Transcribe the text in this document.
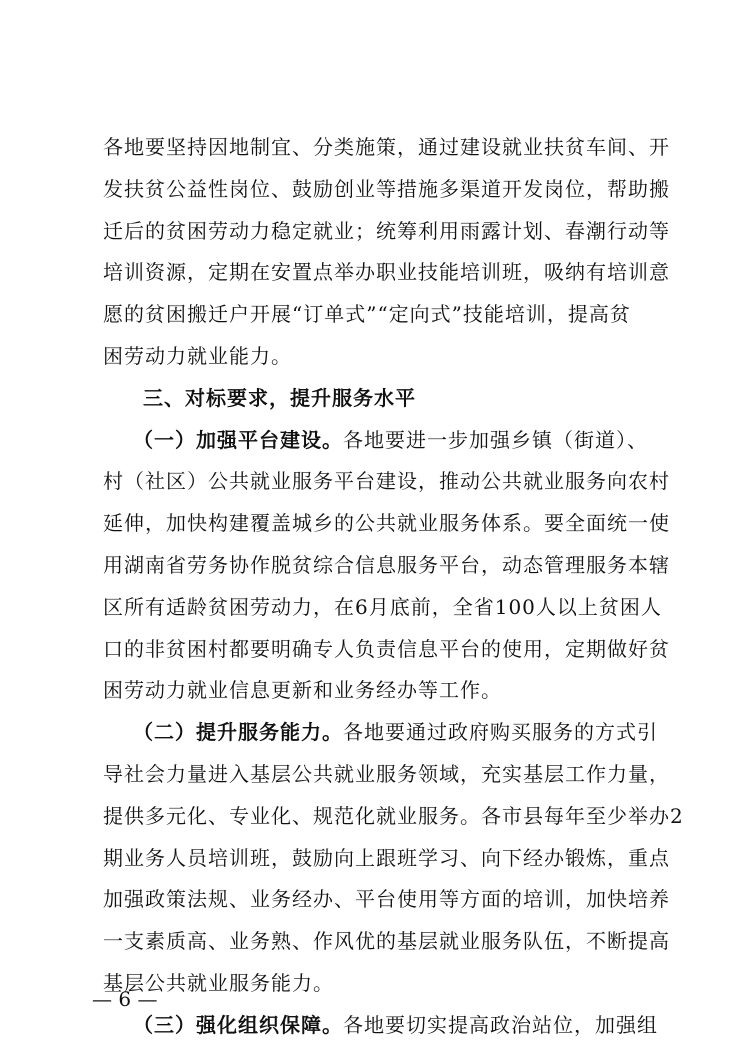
各地要坚持因地制宜、分类施策，通过建设就业扶贫车间、开
发扶贫公益性岗位、鼓励创业等措施多渠道开发岗位，帮助搬
迁后的贫困劳动力稳定就业；统筹利用雨露计划、春潮行动等
培训资源，定期在安置点举办职业技能培训班，吸纳有培训意
愿的贫困搬迁户开展“订单式”“定向式”技能培训，提高贫
困劳动力就业能力。
三、对标要求，提升服务水平
（一）加强平台建设。各地要进一步加强乡镇（街道）、
村（社区）公共就业服务平台建设，推动公共就业服务向农村
延伸，加快构建覆盖城乡的公共就业服务体系。要全面统一使
用湖南省劳务协作脱贫综合信息服务平台，动态管理服务本辖
区所有适龄贫困劳动力，在6月底前，全省100人以上贫困人
口的非贫困村都要明确专人负责信息平台的使用，定期做好贫
困劳动力就业信息更新和业务经办等工作。
（二）提升服务能力。各地要通过政府购买服务的方式引
导社会力量进入基层公共就业服务领域，充实基层工作力量，
提供多元化、专业化、规范化就业服务。各市县每年至少举办2
期业务人员培训班，鼓励向上跟班学习、向下经办锻炼，重点
加强政策法规、业务经办、平台使用等方面的培训，加快培养
一支素质高、业务熟、作风优的基层就业服务队伍，不断提高
基层公共就业服务能力。
（三）强化组织保障。各地要切实提高政治站位，加强组
— 6 —
